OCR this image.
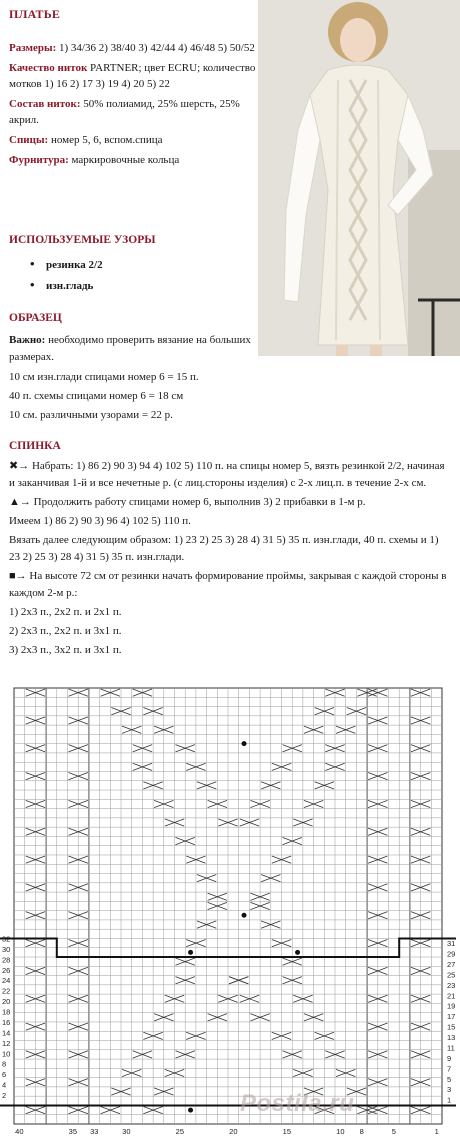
ПЛАТЬЕ

Размеры: 1) 34/36 2) 38/40 3) 42/44 4) 46/48 5) 50/52

Качество ниток PARTNER; цвет ECRU; количество мотков 1) 16 2) 17 3) 19 4) 20 5) 22

Состав ниток: 50% полиамид, 25% шерсть, 25% акрил.

Спицы: номер 5, 6, вспом.спица

Фурнитура: маркировочные кольца

ИСПОЛЬЗУЕМЫЕ УЗОРЫ
• резинка 2/2
• изн.гладь
ОБРАЗЕЦ

Важно: необходимо проверить вязание на больших размерах.

10 см изн.глади спицами номер 6 = 15 п.

40 п. схемы спицами номер 6 = 18 см

10 см. различными узорами = 22 р.

СПИНКА

✖→ Набрать: 1) 86 2) 90 3) 94 4) 102 5) 110 п. на спицы номер 5, вязть резинкой 2/2, начиная и заканчивая 1-й и все нечетные р. (с лиц.стороны изделия) с 2-х лиц.п. в течение 2-х см.

▲→ Продолжить работу спицами номер 6, выполнив 3) 2 прибавки в 1-м р.

Имеем 1) 86 2) 90 3) 96 4) 102 5) 110 п.

Вязать далее следующим образом: 1) 23 2) 25 3) 28 4) 31 5) 35 п. изн.глади, 40 п. схемы и 1) 23 2) 25 3) 28 4) 31 5) 35 п. изн.глади.

■→ На высоте 72 см от резинки начать формирование проймы, закрывая с каждой стороны в каждом 2-м р.:

1) 2х3 п., 2х2 п. и 2х1 п.

2) 2х3 п., 2х2 п. и 3х1 п.

3) 2х3 п., 3х2 п. и 3х1 п.

32
30
28
26
24
22
20
18
16
14
12
10
8
6
4
2
31
29
27
25
23
21
19
17
15
13
11
9
7
5
3
1
40	35 33	30	25	20	15	10 8	5	1
Postila.ru
